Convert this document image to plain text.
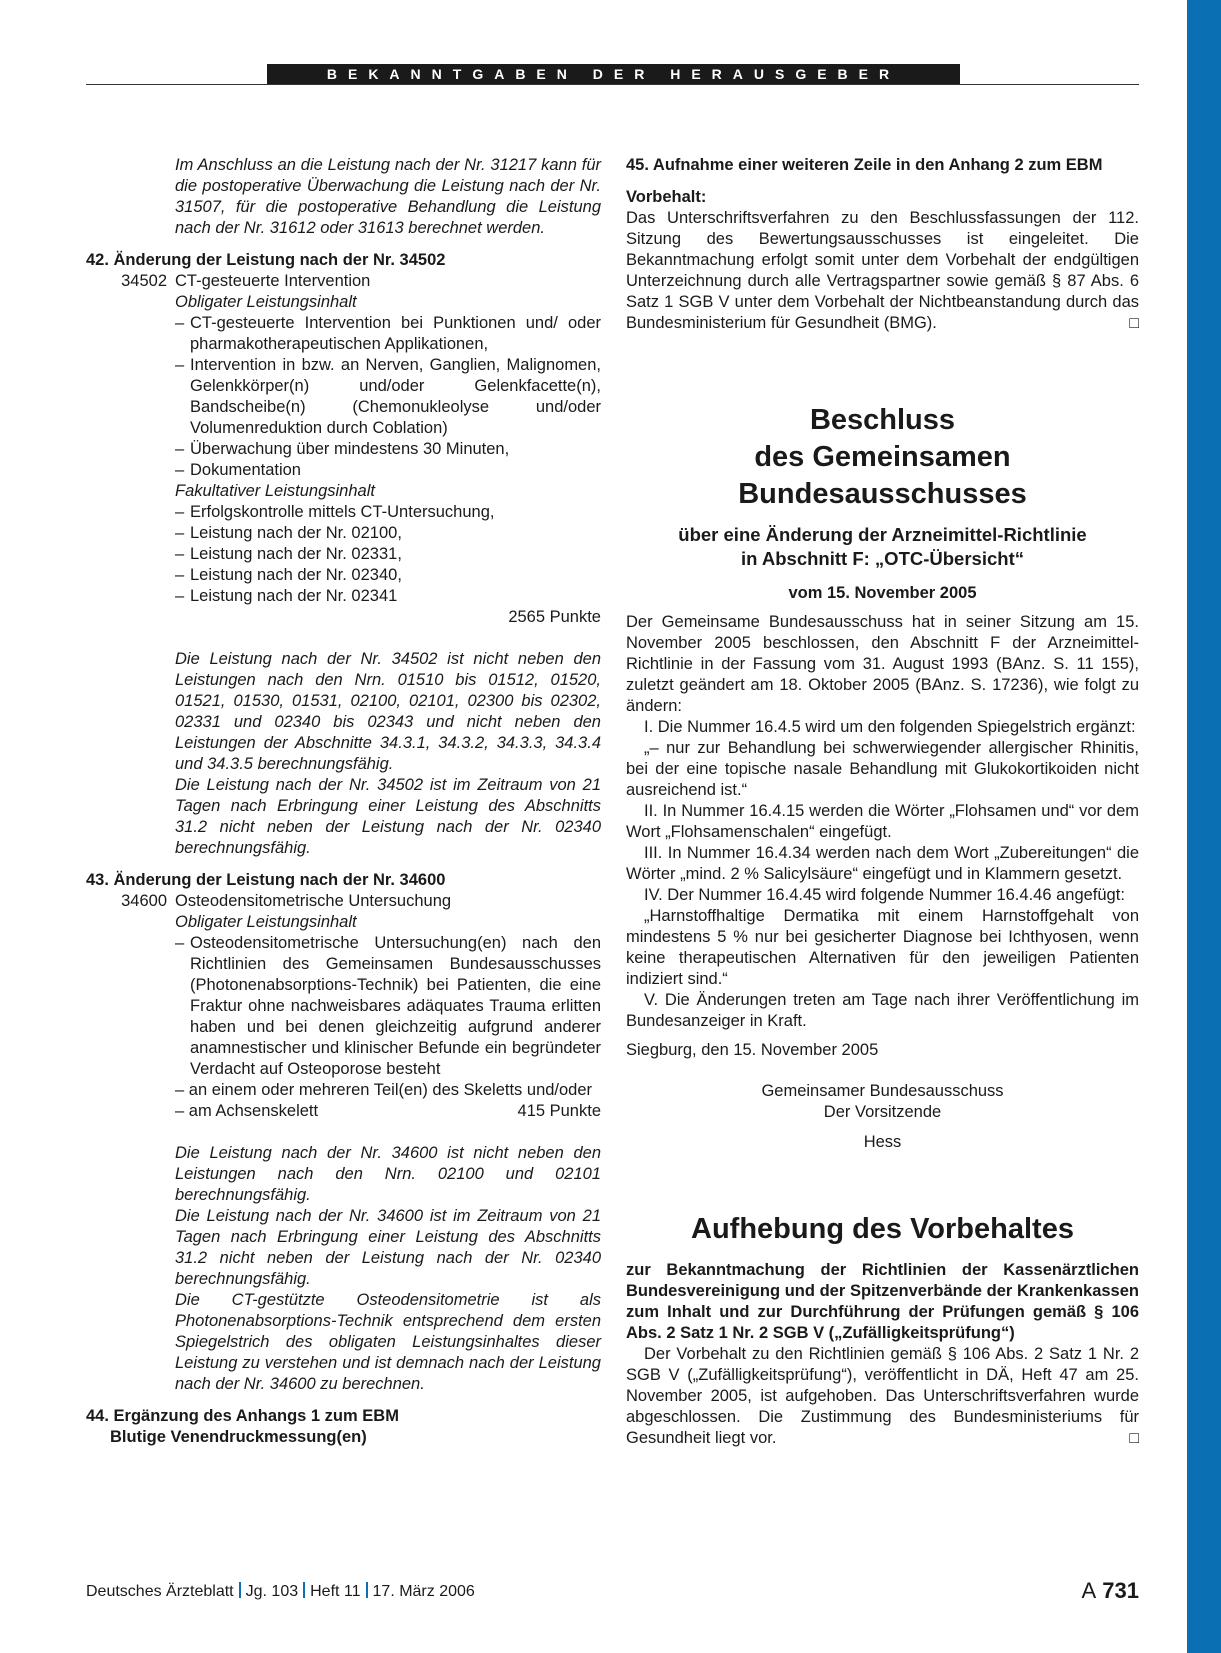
BEKANNTGABEN DER HERAUSGEBER

Im Anschluss an die Leistung nach der Nr. 31217 kann für die postoperative Überwachung die Leistung nach der Nr. 31507, für die postoperative Behandlung die Leistung nach der Nr. 31612 oder 31613 berechnet werden.

42. Änderung der Leistung nach der Nr. 34502

34502 CT-gesteuerte Intervention

Obligater Leistungsinhalt

– CT-gesteuerte Intervention bei Punktionen und/ oder pharmakotherapeutischen Applikationen,
– Intervention in bzw. an Nerven, Ganglien, Malignomen, Gelenkkörper(n) und/oder Gelenkfacette(n), Bandscheibe(n) (Chemonukleolyse und/oder Volumenreduktion durch Coblation)
– Überwachung über mindestens 30 Minuten,
– Dokumentation

Fakultativer Leistungsinhalt

– Erfolgskontrolle mittels CT-Untersuchung,
– Leistung nach der Nr. 02100,
– Leistung nach der Nr. 02331,
– Leistung nach der Nr. 02340,
– Leistung nach der Nr. 02341

2565 Punkte

Die Leistung nach der Nr. 34502 ist nicht neben den Leistungen nach den Nrn. 01510 bis 01512, 01520, 01521, 01530, 01531, 02100, 02101, 02300 bis 02302, 02331 und 02340 bis 02343 und nicht neben den Leistungen der Abschnitte 34.3.1, 34.3.2, 34.3.3, 34.3.4 und 34.3.5 berechnungsfähig.

Die Leistung nach der Nr. 34502 ist im Zeitraum von 21 Tagen nach Erbringung einer Leistung des Abschnitts 31.2 nicht neben der Leistung nach der Nr. 02340 berechnungsfähig.

43. Änderung der Leistung nach der Nr. 34600

34600 Osteodensitometrische Untersuchung

Obligater Leistungsinhalt

– Osteodensitometrische Untersuchung(en) nach den Richtlinien des Gemeinsamen Bundesausschusses (Photonenabsorptions-Technik) bei Patienten, die eine Fraktur ohne nachweisbares adäquates Trauma erlitten haben und bei denen gleichzeitig aufgrund anderer anamnestischer und klinischer Befunde ein begründeter Verdacht auf Osteoporose besteht

– an einem oder mehreren Teil(en) des Skeletts und/oder

– am Achsenskelett	415 Punkte

Die Leistung nach der Nr. 34600 ist nicht neben den Leistungen nach den Nrn. 02100 und 02101 berechnungsfähig.

Die Leistung nach der Nr. 34600 ist im Zeitraum von 21 Tagen nach Erbringung einer Leistung des Abschnitts 31.2 nicht neben der Leistung nach der Nr. 02340 berechnungsfähig.

Die CT-gestützte Osteodensitometrie ist als Photonenabsorptions-Technik entsprechend dem ersten Spiegelstrich des obligaten Leistungsinhaltes dieser Leistung zu verstehen und ist demnach nach der Leistung nach der Nr. 34600 zu berechnen.

44. Ergänzung des Anhangs 1 zum EBM

Blutige Venendruckmessung(en)

45. Aufnahme einer weiteren Zeile in den Anhang 2 zum EBM

Vorbehalt:

Das Unterschriftsverfahren zu den Beschlussfassungen der 112. Sitzung des Bewertungsausschusses ist eingeleitet. Die Bekanntmachung erfolgt somit unter dem Vorbehalt der endgültigen Unterzeichnung durch alle Vertragspartner sowie gemäß § 87 Abs. 6 Satz 1 SGB V unter dem Vorbehalt der Nichtbeanstandung durch das Bundesministerium für Gesundheit (BMG).	□

Beschluss

des Gemeinsamen Bundesausschusses

über eine Änderung der Arzneimittel-Richtlinie

in Abschnitt F: „OTC-Übersicht“

vom 15. November 2005

Der Gemeinsame Bundesausschuss hat in seiner Sitzung am 15. November 2005 beschlossen, den Abschnitt F der Arzneimittel-Richtlinie in der Fassung vom 31. August 1993 (BAnz. S. 11 155), zuletzt geändert am 18. Oktober 2005 (BAnz. S. 17236), wie folgt zu ändern:

I. Die Nummer 16.4.5 wird um den folgenden Spiegelstrich ergänzt:

„– nur zur Behandlung bei schwerwiegender allergischer Rhinitis, bei der eine topische nasale Behandlung mit Glukokortikoiden nicht ausreichend ist.“

II. In Nummer 16.4.15 werden die Wörter „Flohsamen und“ vor dem Wort „Flohsamenschalen“ eingefügt.

III. In Nummer 16.4.34 werden nach dem Wort „Zubereitungen“ die Wörter „mind. 2 % Salicylsäure“ eingefügt und in Klammern gesetzt.

IV. Der Nummer 16.4.45 wird folgende Nummer 16.4.46 angefügt:

„Harnstoffhaltige Dermatika mit einem Harnstoffgehalt von mindestens 5 % nur bei gesicherter Diagnose bei Ichthyosen, wenn keine therapeutischen Alternativen für den jeweiligen Patienten indiziert sind.“

V. Die Änderungen treten am Tage nach ihrer Veröffentlichung im Bundesanzeiger in Kraft.

Siegburg, den 15. November 2005

Gemeinsamer Bundesausschuss

Der Vorsitzende

Hess

Aufhebung des Vorbehaltes

zur Bekanntmachung der Richtlinien der Kassenärztlichen Bundesvereinigung und der Spitzenverbände der Krankenkassen zum Inhalt und zur Durchführung der Prüfungen gemäß § 106 Abs. 2 Satz 1 Nr. 2 SGB V („Zufälligkeitsprüfung“)

Der Vorbehalt zu den Richtlinien gemäß § 106 Abs. 2 Satz 1 Nr. 2 SGB V („Zufälligkeitsprüfung“), veröffentlicht in DÄ, Heft 47 am 25. November 2005, ist aufgehoben. Das Unterschriftsverfahren wurde abgeschlossen. Die Zustimmung des Bundesministeriums für Gesundheit liegt vor.	□

Deutsches Ärzteblatt Jg. 103 Heft 11 17. März 2006	A 731
